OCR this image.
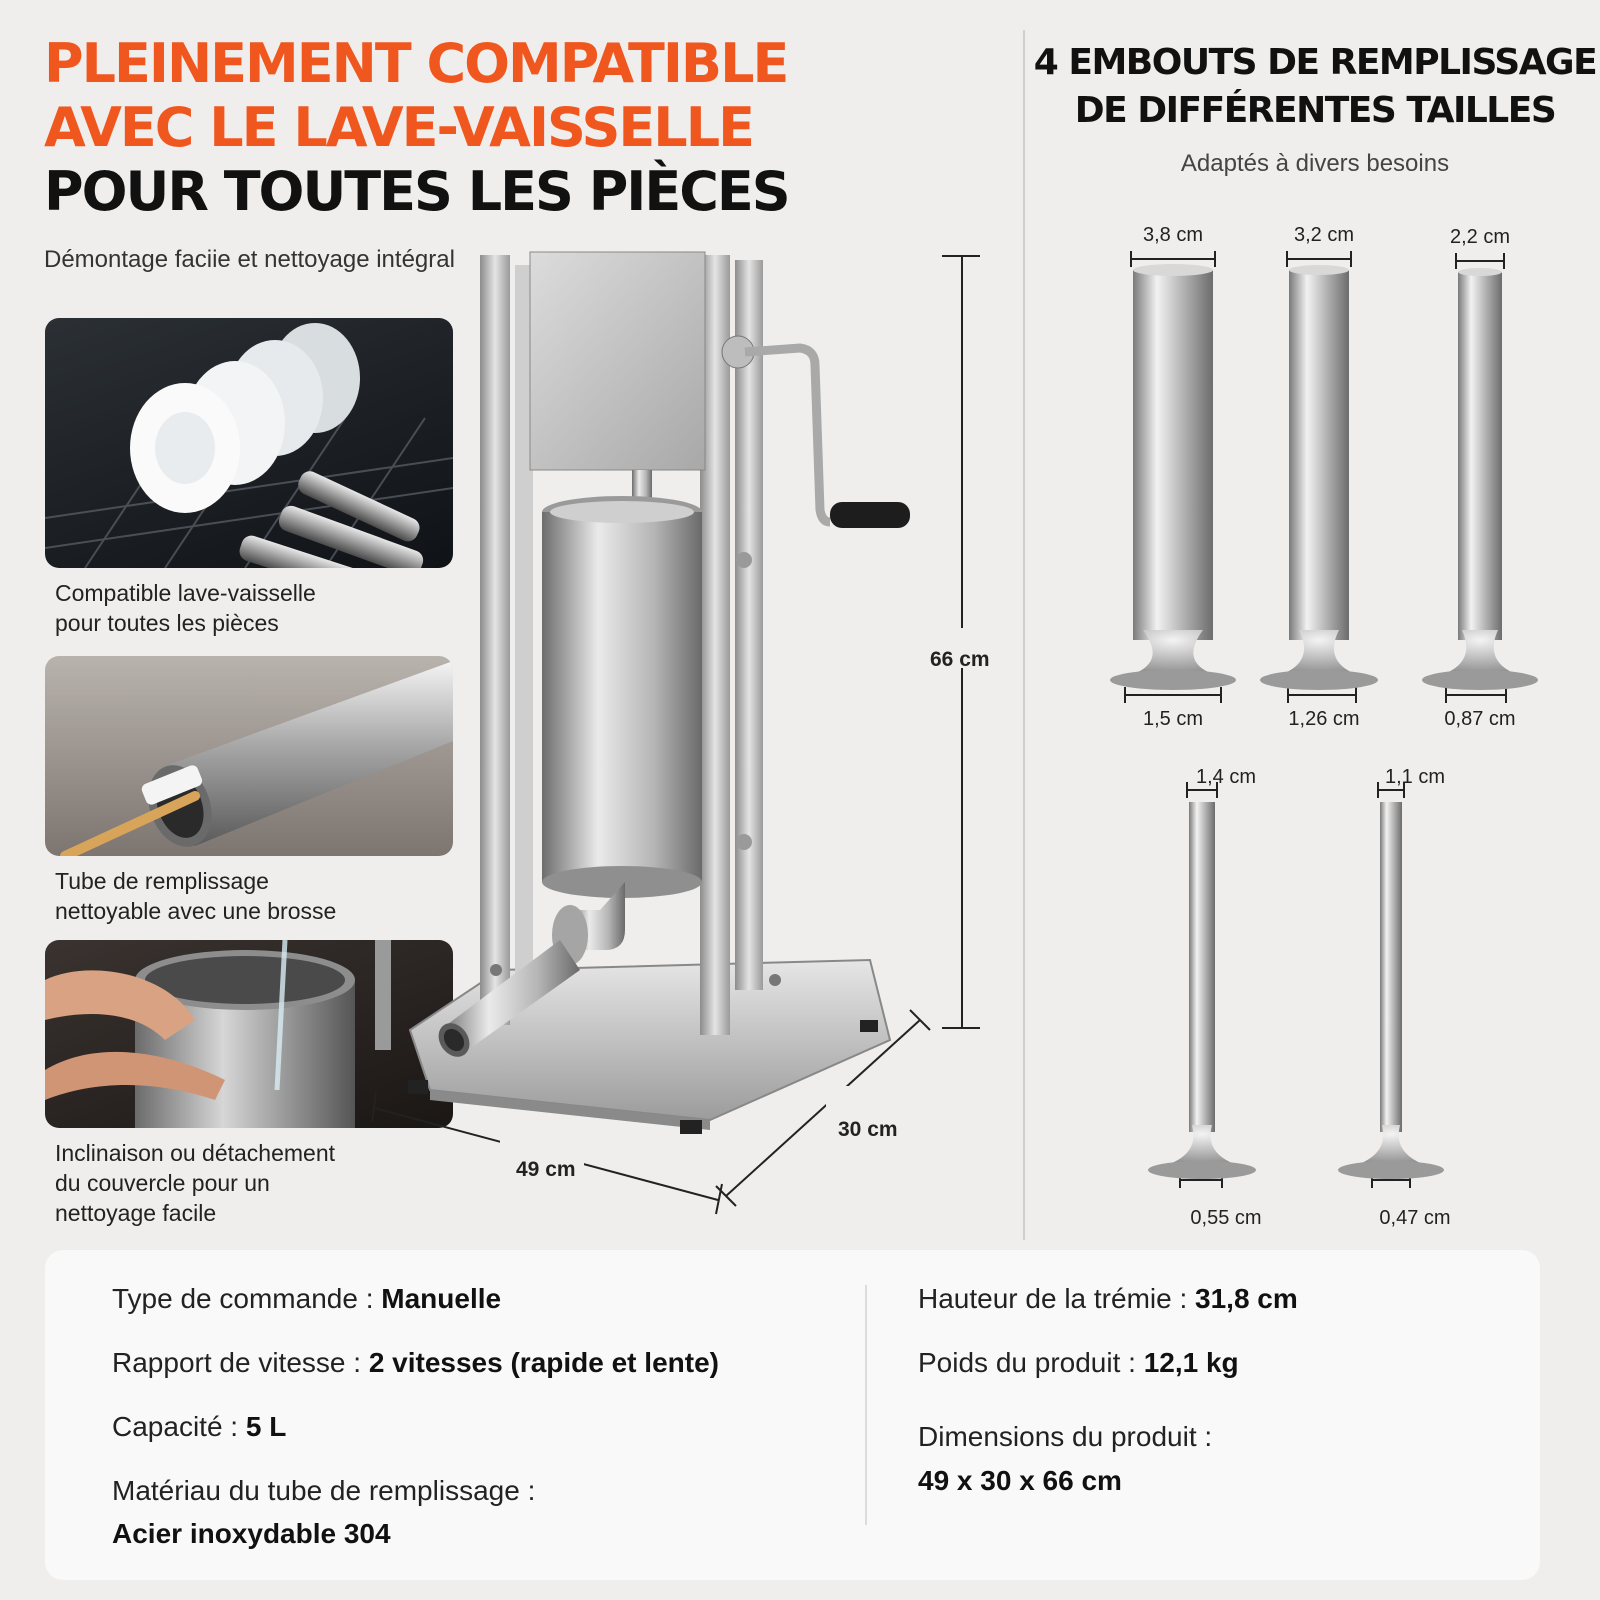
PLEINEMENT COMPATIBLE
AVEC LE LAVE-VAISSELLE
POUR TOUTES LES PIÈCES
Démontage faciie et nettoyage intégral
Compatible lave-vaisselle
pour toutes les pièces
Tube de remplissage
nettoyable avec une brosse
Inclinaison ou détachement
du couvercle pour un
nettoyage facile
66 cm
30 cm
49 cm
4 EMBOUTS DE REMPLISSAGE
DE DIFFÉRENTES TAILLES
Adaptés à divers besoins
3,8 cm
1,5 cm
3,2 cm
1,26 cm
2,2 cm
0,87 cm
1,4 cm
0,55 cm
1,1 cm
0,47 cm
Type de commande : Manuelle
Rapport de vitesse : 2 vitesses (rapide et lente)
Capacité : 5 L
Matériau du tube de remplissage :
Acier inoxydable 304
Hauteur de la trémie : 31,8 cm
Poids du produit : 12,1 kg
Dimensions du produit :
49 x 30 x 66 cm
